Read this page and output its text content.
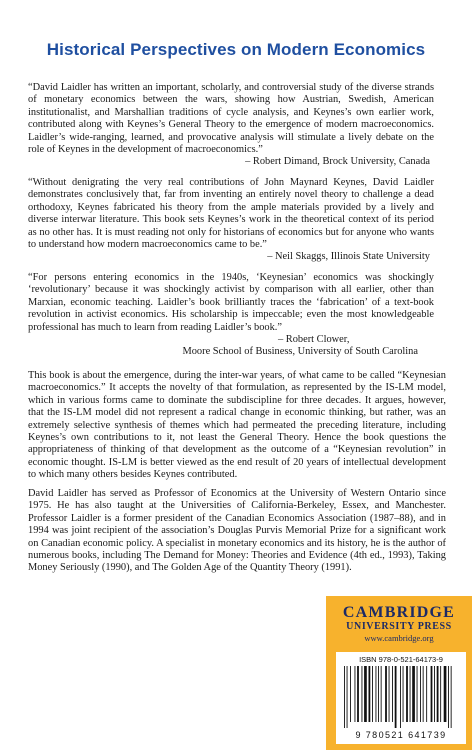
Historical Perspectives on Modern Economics

“David Laidler has written an important, scholarly, and controversial study of the diverse strands of monetary economics between the wars, showing how Austrian, Swedish, American institutionalist, and Marshallian traditions of cycle analysis, and Keynes’s own earlier work, contributed along with Keynes’s General Theory to the emergence of modern macroeconomics. Laidler’s wide-ranging, learned, and provocative analysis will stimulate a lively debate on the role of Keynes in the development of macroeconomics.”

– Robert Dimand, Brock University, Canada

“Without denigrating the very real contributions of John Maynard Keynes, David Laidler demonstrates conclusively that, far from inventing an entirely novel theory to challenge a dead orthodoxy, Keynes fabricated his theory from the ample materials provided by a lively and diverse interwar literature. This book sets Keynes’s work in the theoretical context of its period as no other has. It is must reading not only for historians of economics but for anyone who wants to understand how modern macroeconomics came to be.”

– Neil Skaggs, Illinois State University

“For persons entering economics in the 1940s, ‘Keynesian’ economics was shockingly ‘revolutionary’ because it was shockingly activist by comparison with all earlier, other than Marxian, economic teaching. Laidler’s book brilliantly traces the ‘fabrication’ of a text-book revolution in activist economics. His scholarship is impeccable; even the most knowledgeable professional has much to learn from reading Laidler’s book.”

– Robert Clower,
Moore School of Business, University of South Carolina

This book is about the emergence, during the inter-war years, of what came to be called “Keynesian macroeconomics.” It accepts the novelty of that formulation, as represented by the IS-LM model, which in various forms came to dominate the subdiscipline for three decades. It argues, however, that the IS-LM model did not represent a radical change in economic thinking, but rather, was an extremely selective synthesis of themes which had permeated the preceding literature, including Keynes’s own contributions to it, not least the General Theory. Hence the book questions the appropriateness of thinking of that development as the outcome of a “Keynesian revolution” in economic thought. IS-LM is better viewed as the end result of 20 years of intellectual development to which many others besides Keynes contributed.

David Laidler has served as Professor of Economics at the University of Western Ontario since 1975. He has also taught at the Universities of California-Berkeley, Essex, and Manchester. Professor Laidler is a former president of the Canadian Economics Association (1987–88), and in 1994 was joint recipient of the association’s Douglas Purvis Memorial Prize for a significant work on Canadian economic policy. A specialist in monetary economics and its history, he is the author of numerous books, including The Demand for Money: Theories and Evidence (4th ed., 1993), Taking Money Seriously (1990), and The Golden Age of the Quantity Theory (1991).

CAMBRIDGE
UNIVERSITY PRESS
www.cambridge.org
ISBN 978-0-521-64173-9
9 780521 641739
